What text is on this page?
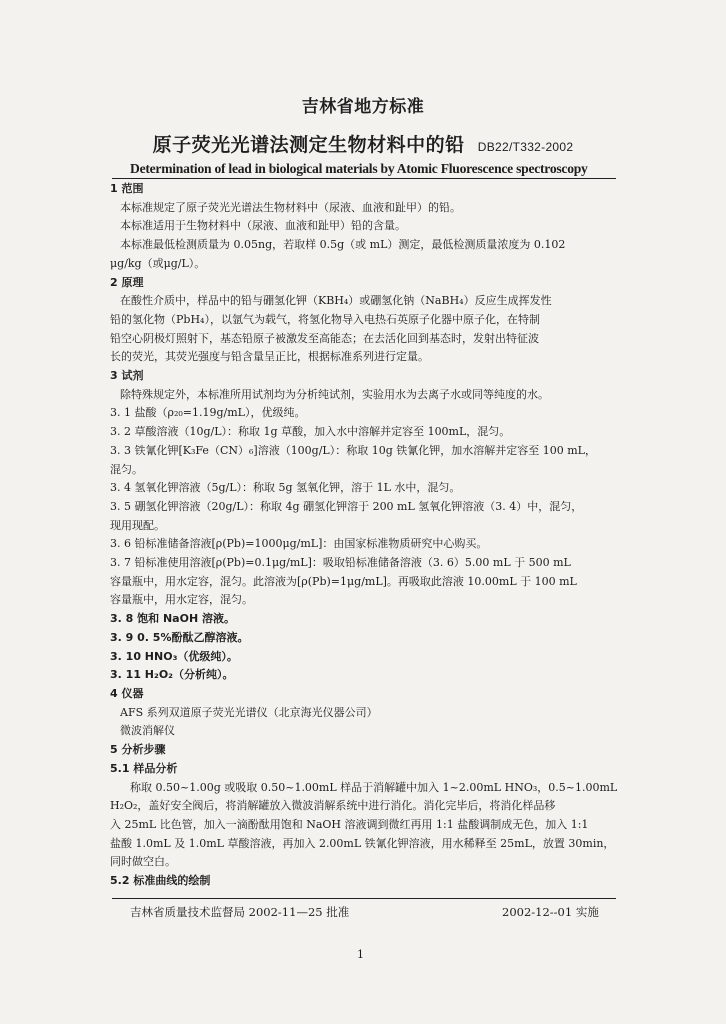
吉林省地方标准
原子荧光光谱法测定生物材料中的铅 DB22/T332-2002
Determination of lead in biological materials by Atomic Fluorescence spectroscopy

1 范围

本标准规定了原子荧光光谱法生物材料中（尿液、血液和趾甲）的铅。

本标准适用于生物材料中（尿液、血液和趾甲）铅的含量。

本标准最低检测质量为 0.05ng，若取样 0.5g（或 mL）测定，最低检测质量浓度为 0.102

μg/kg（或μg/L）。

2 原理

在酸性介质中，样品中的铅与硼氢化钾（KBH₄）或硼氢化钠（NaBH₄）反应生成挥发性

铅的氢化物（PbH₄），以氩气为载气，将氢化物导入电热石英原子化器中原子化，在特制

铅空心阴极灯照射下，基态铅原子被激发至高能态；在去活化回到基态时，发射出特征波

长的荧光，其荧光强度与铅含量呈正比，根据标准系列进行定量。

3 试剂

除特殊规定外，本标准所用试剂均为分析纯试剂，实验用水为去离子水或同等纯度的水。

3. 1 盐酸（ρ₂₀=1.19g/mL），优级纯。

3. 2 草酸溶液（10g/L）：称取 1g 草酸，加入水中溶解并定容至 100mL，混匀。

3. 3 铁氰化钾[K₃Fe（CN）₆]溶液（100g/L）：称取 10g 铁氰化钾，加水溶解并定容至 100 mL，

混匀。

3. 4 氢氧化钾溶液（5g/L）：称取 5g 氢氧化钾，溶于 1L 水中，混匀。

3. 5 硼氢化钾溶液（20g/L）：称取 4g 硼氢化钾溶于 200 mL 氢氧化钾溶液（3. 4）中，混匀，

现用现配。

3. 6 铅标准储备溶液[ρ(Pb)=1000μg/mL]：由国家标准物质研究中心购买。

3. 7 铅标准使用溶液[ρ(Pb)=0.1μg/mL]：吸取铅标准储备溶液（3. 6）5.00 mL 于 500 mL

容量瓶中，用水定容，混匀。此溶液为[ρ(Pb)=1μg/mL]。再吸取此溶液 10.00mL 于 100 mL

容量瓶中，用水定容，混匀。

3. 8 饱和 NaOH 溶液。

3. 9 0. 5%酚酞乙醇溶液。

3. 10 HNO₃（优级纯）。

3. 11 H₂O₂（分析纯）。

4 仪器

AFS 系列双道原子荧光光谱仪（北京海光仪器公司）

微波消解仪

5 分析步骤

5.1 样品分析

称取 0.50~1.00g 或吸取 0.50~1.00mL 样品于消解罐中加入 1~2.00mL HNO₃，0.5~1.00mL

H₂O₂，盖好安全阀后，将消解罐放入微波消解系统中进行消化。消化完毕后，将消化样品移

入 25mL 比色管，加入一滴酚酞用饱和 NaOH 溶液调到微红再用 1:1 盐酸调制成无色，加入 1:1

盐酸 1.0mL 及 1.0mL 草酸溶液，再加入 2.00mL 铁氰化钾溶液，用水稀释至 25mL，放置 30min，

同时做空白。

5.2 标准曲线的绘制

吉林省质量技术监督局 2002-11—25 批准	2002-12--01 实施
1
